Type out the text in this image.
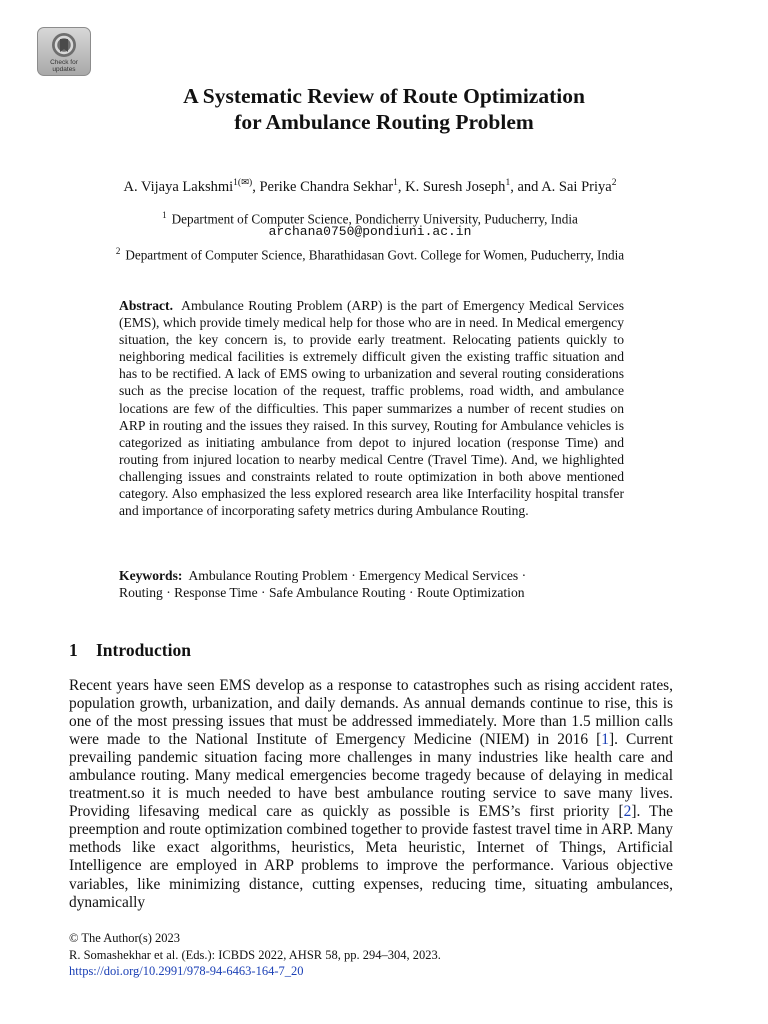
Check for
updates
A Systematic Review of Route Optimization
for Ambulance Routing Problem
A. Vijaya Lakshmi$^{1(✉)}$, Perike Chandra Sekhar$^1$, K. Suresh Joseph$^1$, and A. Sai Priya$^2$
$^1$ Department of Computer Science, Pondicherry University, Puducherry, India
archana0750@pondiuni.ac.in
$^2$ Department of Computer Science, Bharathidasan Govt. College for Women, Puducherry, India
Abstract. Ambulance Routing Problem (ARP) is the part of Emergency Medical Services (EMS), which provide timely medical help for those who are in need. In Medical emergency situation, the key concern is, to provide early treatment. Relocating patients quickly to neighboring medical facilities is extremely difficult given the existing traffic situation and has to be rectified. A lack of EMS owing to urbanization and several routing considerations such as the precise location of the request, traffic problems, road width, and ambulance locations are few of the difficulties. This paper summarizes a number of recent studies on ARP in routing and the issues they raised. In this survey, Routing for Ambulance vehicles is categorized as initiating ambulance from depot to injured location (response Time) and routing from injured location to nearby medical Centre (Travel Time). And, we highlighted challenging issues and constraints related to route optimization in both above mentioned category. Also emphasized the less explored research area like Interfacility hospital transfer and importance of incorporating safety metrics during Ambulance Routing.
Keywords: Ambulance Routing Problem · Emergency Medical Services ·
Routing · Response Time · Safe Ambulance Routing · Route Optimization
1 Introduction
Recent years have seen EMS develop as a response to catastrophes such as rising accident rates, population growth, urbanization, and daily demands. As annual demands continue to rise, this is one of the most pressing issues that must be addressed immediately. More than 1.5 million calls were made to the National Institute of Emergency Medicine (NIEM) in 2016 [1]. Current prevailing pandemic situation facing more challenges in many industries like health care and ambulance routing. Many medical emergencies become tragedy because of delaying in medical treatment.so it is much needed to have best ambulance routing service to save many lives. Providing lifesaving medical care as quickly as possible is EMS’s first priority [2]. The preemption and route optimization combined together to provide fastest travel time in ARP. Many methods like exact algorithms, heuristics, Meta heuristic, Internet of Things, Artificial Intelligence are employed in ARP problems to improve the performance. Various objective variables, like minimizing distance, cutting expenses, reducing time, situating ambulances, dynamically
© The Author(s) 2023
R. Somashekhar et al. (Eds.): ICBDS 2022, AHSR 58, pp. 294–304, 2023.
https://doi.org/10.2991/978-94-6463-164-7_20
